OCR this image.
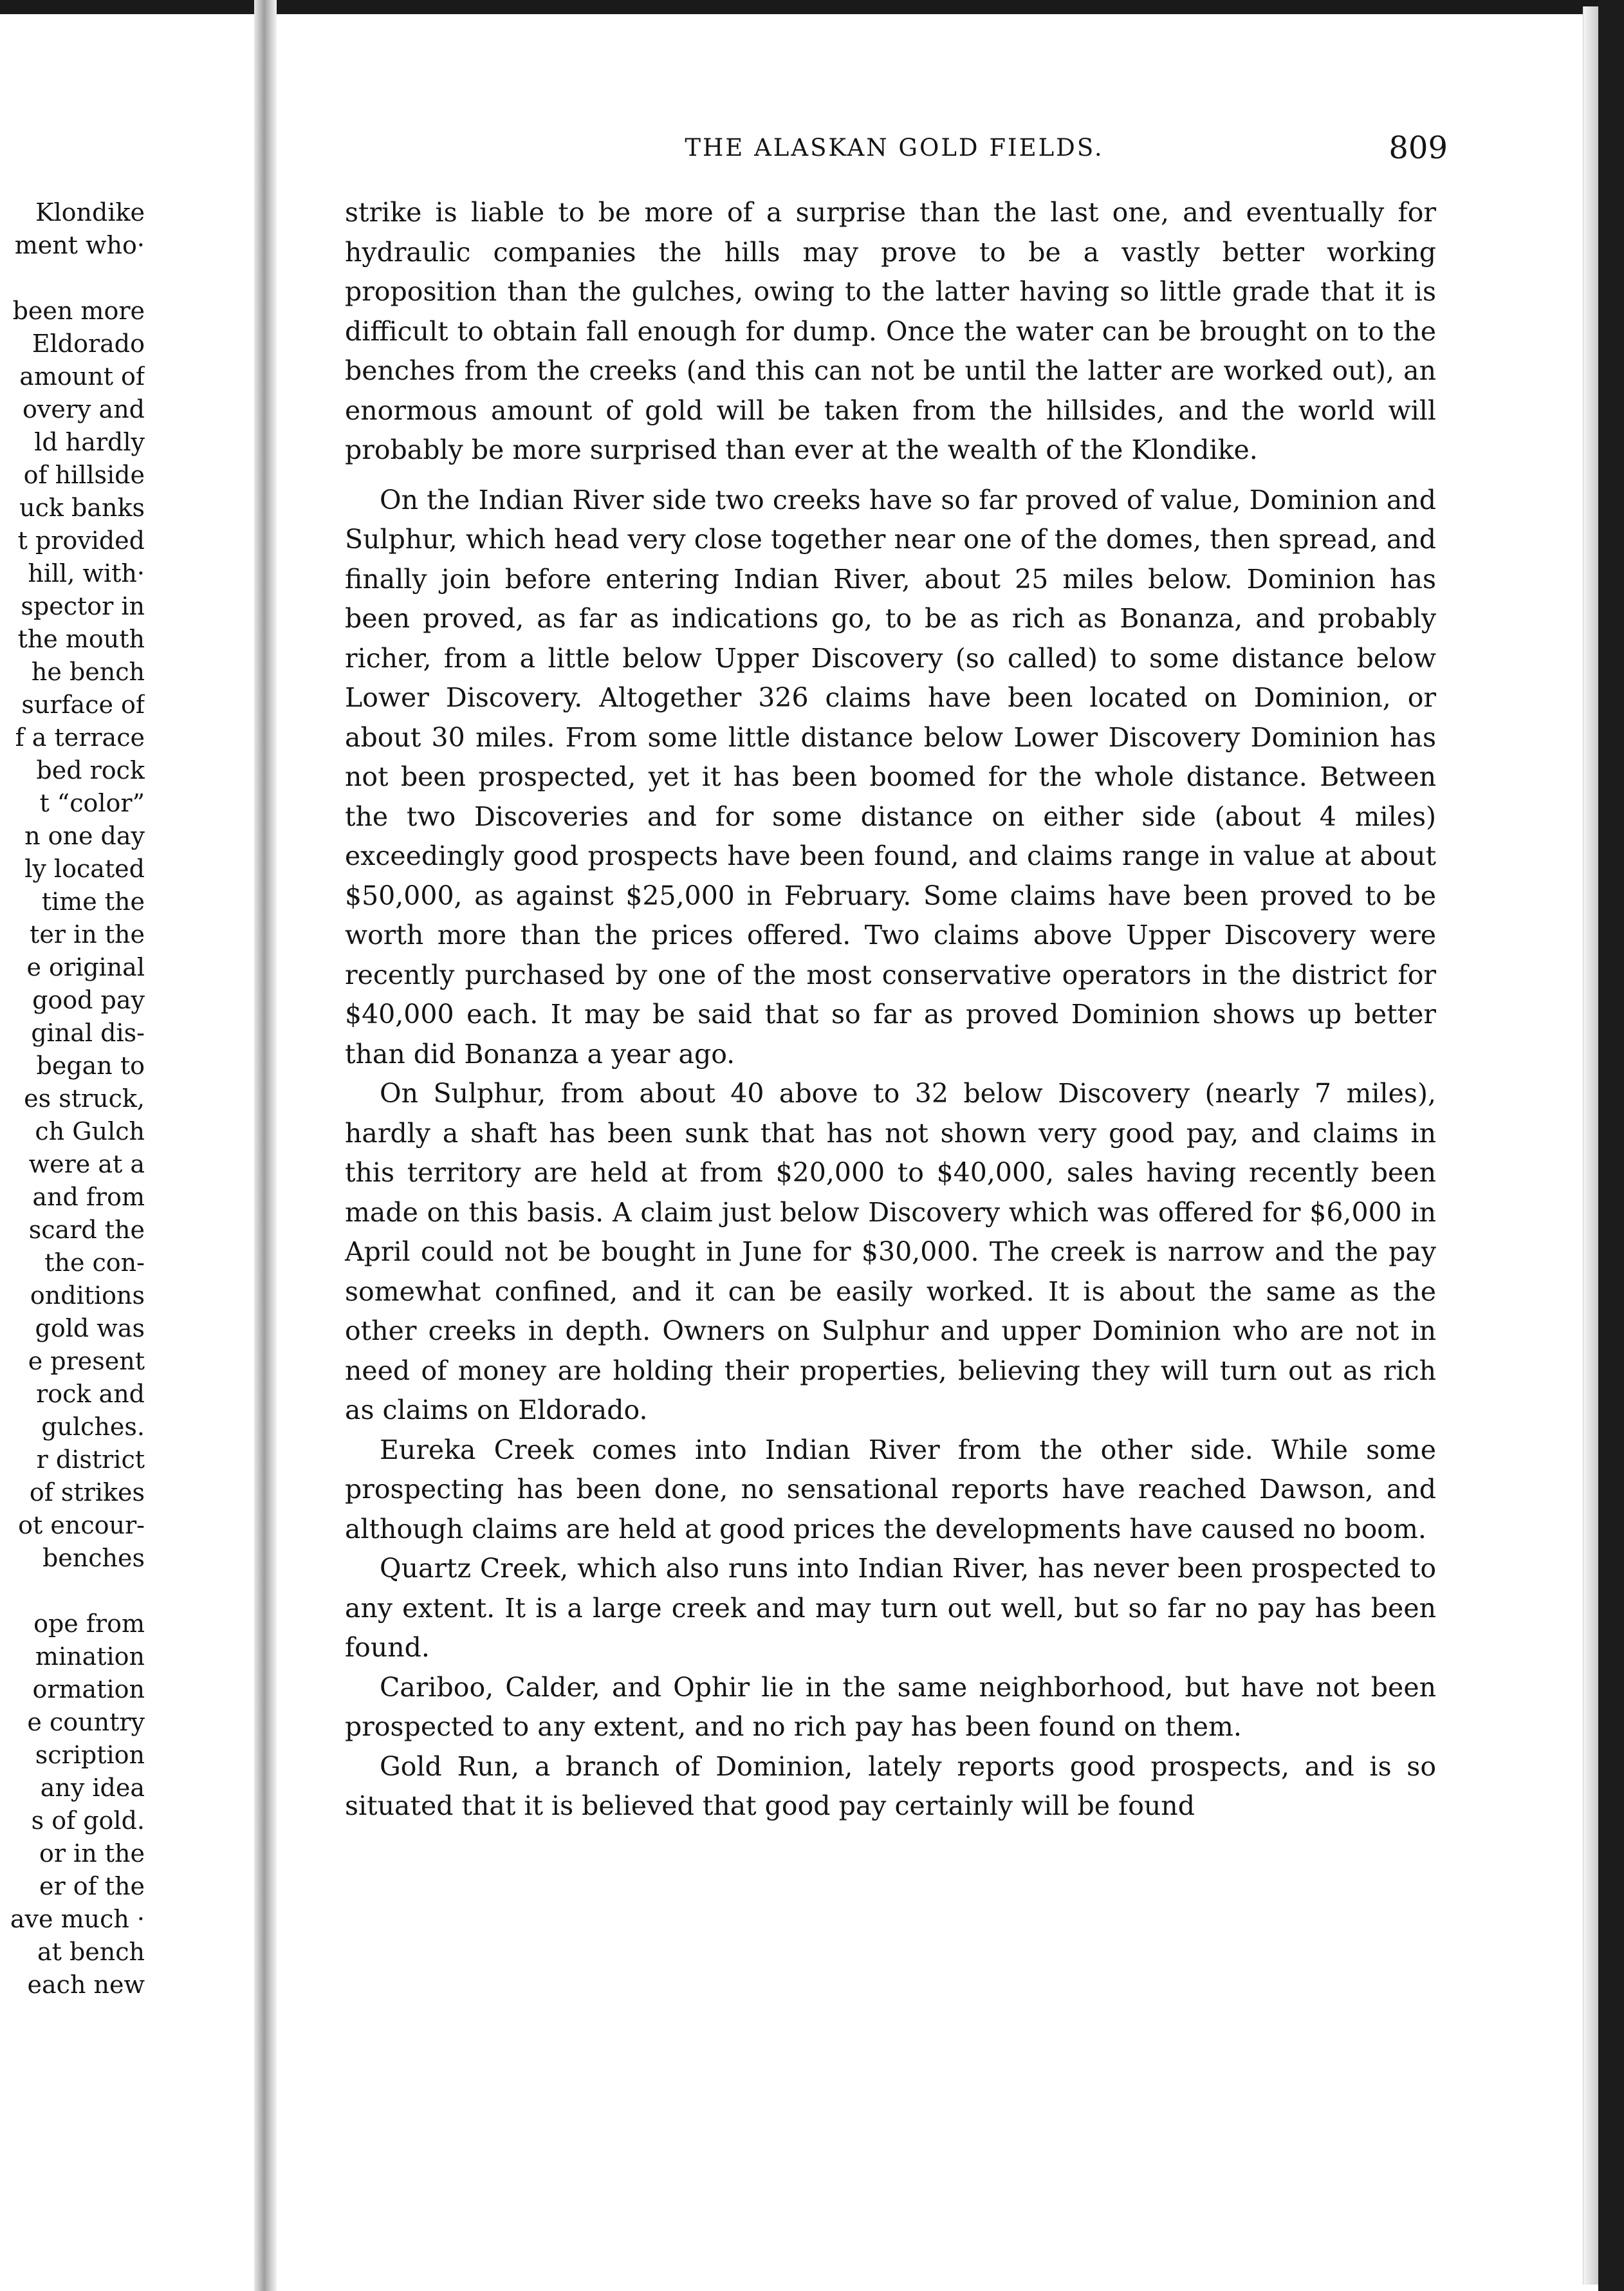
Klondike
ment who·
been more
Eldorado
amount of
overy and
ld hardly
of hillside
uck banks
t provided
hill, with·
spector in
the mouth
he bench
surface of
f a terrace
bed rock
t “color”
n one day
ly located
time the
ter in the
e original
good pay
ginal dis-
began to
es struck,
ch Gulch
were at a
and from
scard the
the con-
onditions
gold was
e present
rock and
gulches.
r district
of strikes
ot encour-
benches
ope from
mination
ormation
e country
scription
any idea
s of gold.
or in the
er of the
ave much ·
at bench
each new
THE ALASKAN GOLD FIELDS.	809

strike is liable to be more of a surprise than the last one, and eventually for hydraulic companies the hills may prove to be a vastly better working proposition than the gulches, owing to the latter having so little grade that it is difficult to obtain fall enough for dump. Once the water can be brought on to the benches from the creeks (and this can not be until the latter are worked out), an enormous amount of gold will be taken from the hillsides, and the world will probably be more surprised than ever at the wealth of the Klondike.

On the Indian River side two creeks have so far proved of value, Dominion and Sulphur, which head very close together near one of the domes, then spread, and finally join before entering Indian River, about 25 miles below. Dominion has been proved, as far as indications go, to be as rich as Bonanza, and probably richer, from a little below Upper Discovery (so called) to some distance below Lower Discovery. Altogether 326 claims have been located on Dominion, or about 30 miles. From some little distance below Lower Discovery Dominion has not been prospected, yet it has been boomed for the whole distance. Between the two Discoveries and for some distance on either side (about 4 miles) exceedingly good prospects have been found, and claims range in value at about $50,000, as against $25,000 in February. Some claims have been proved to be worth more than the prices offered. Two claims above Upper Discovery were recently purchased by one of the most conservative operators in the district for $40,000 each. It may be said that so far as proved Dominion shows up better than did Bonanza a year ago.

On Sulphur, from about 40 above to 32 below Discovery (nearly 7 miles), hardly a shaft has been sunk that has not shown very good pay, and claims in this territory are held at from $20,000 to $40,000, sales having recently been made on this basis. A claim just below Discovery which was offered for $6,000 in April could not be bought in June for $30,000. The creek is narrow and the pay somewhat confined, and it can be easily worked. It is about the same as the other creeks in depth. Owners on Sulphur and upper Dominion who are not in need of money are holding their properties, believing they will turn out as rich as claims on Eldorado.

Eureka Creek comes into Indian River from the other side. While some prospecting has been done, no sensational reports have reached Dawson, and although claims are held at good prices the developments have caused no boom.

Quartz Creek, which also runs into Indian River, has never been prospected to any extent. It is a large creek and may turn out well, but so far no pay has been found.

Cariboo, Calder, and Ophir lie in the same neighborhood, but have not been prospected to any extent, and no rich pay has been found on them.

Gold Run, a branch of Dominion, lately reports good prospects, and is so situated that it is believed that good pay certainly will be found
